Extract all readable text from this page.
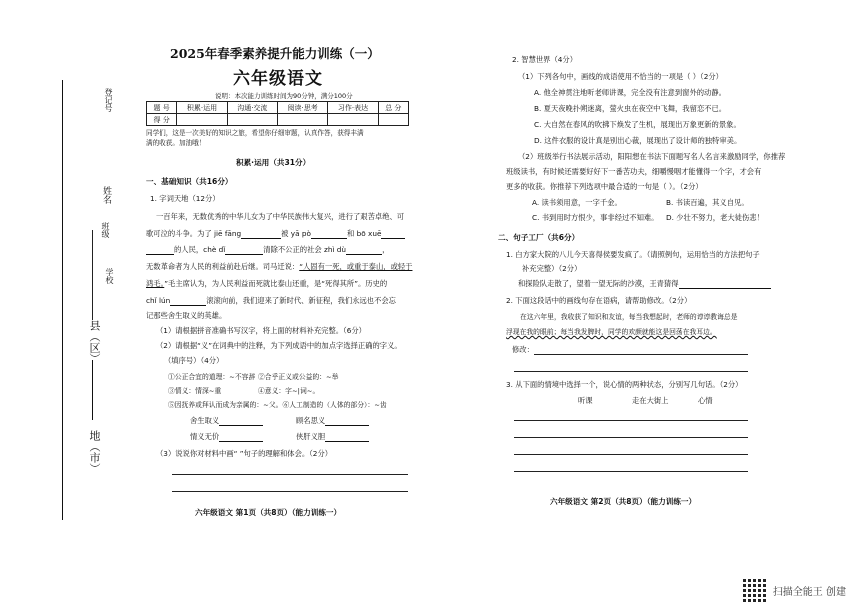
登记号
姓名
班级
学校
县（区）
地（市）
2025年春季素养提升能力训练（一）
六年级语文
说明：本次能力训练时间为90分钟，满分100分
题 号	积累·运用	沟通·交流	阅读·思考	习作·表达	总 分
得 分					
同学们，这是一次美好的知识之旅，希望你仔细审题，认真作答，获得丰满
满的收获。加油哦！
积累·运用（共31分）
一、基础知识（共16分）
1. 字词天地（12分）
一百年来，无数优秀的中华儿女为了中华民族伟大复兴，进行了艰苦卓绝、可
歌可泣的斗争。为了 jiē fāng	被 yā pò	和 bō xuē
的人民，chè dǐ	清除不公正的社会 zhì dù	，
无数革命者为人民的利益前赴后继。司马迁说：“人固有一死，或重于泰山，或轻于
鸿毛。”毛主席认为，为人民利益而死就比泰山还重，是“死得其所”。历史的
chǐ lún	滚滚向前，我们迎来了新时代、新征程，我们永远也不会忘
记那些舍生取义的英雄。
（1）请根据拼音准确书写汉字，将上面的材料补充完整。（6分）
（2）请根据“义”在词典中的注释，为下列成语中的加点字选择正确的字义。
（填序号）（4分）
①公正合宜的道理：~不容辞 ②合乎正义或公益的：~举
③情义：情深~重	④意义：字~|词~。
⑤因抚养或拜认而成为亲属的：~父。⑥人工制造的（人体的部分）：~齿
舍生取义	顾名思义
情义无价	侠肝义胆
（3）说说你对材料中画“ ”句子的理解和体会。（2分）
六年级语文 第1页（共8页）（能力训练一）
2. 智慧世界（4分）
（1）下列各句中，画线的成语使用不恰当的一项是（ ）（2分）
A. 他全神贯注地听老师讲课，完全没有注意到窗外的动静。
B. 夏天夜晚扑朔迷离，萤火虫在夜空中飞舞，我留恋不已。
C. 大自然在春风的吹拂下焕发了生机，展现出万象更新的景象。
D. 这件衣服的设计真是别出心裁，展现出了设计师的独特审美。
（2）班级举行书法展示活动，阳阳想在书法下面题写名人名言来激励同学，你推荐
班级读书，有时候还需要好好下一番苦功夫，细嚼慢咽才能懂得一个字，才会有
更多的收获。你推荐下列选项中最合适的一句是（ ）。（2分）
A. 读书须用意，一字千金。	B. 书读百遍，其义自见。
C. 书到用时方恨少，事非经过不知难。 D. 少壮不努力，老大徒伤悲！
二、句子工厂（共6分）
1. 白方家大院的八儿今天喜得侯要发疯了。（请照例句，运用恰当的方法把句子
补充完整）（2分）
和探险队走散了，望着一望无际的沙漠，王青猜得
2. 下面这段话中的画线句存在语病，请帮助修改。（2分）
在这六年里，我收获了知识和友谊，每当我想起时，老师的谆谆教诲总是
浮现在我的眼前；每当我发脾时，同学的欢颜就能这是回荡在我耳边。
修改：
3. 从下面的情境中选择一个，说心情的两种状态，分别写几句话。（2分）
听课	走在大街上	心情
六年级语文 第2页（共8页）（能力训练一）
扫描全能王 创建
